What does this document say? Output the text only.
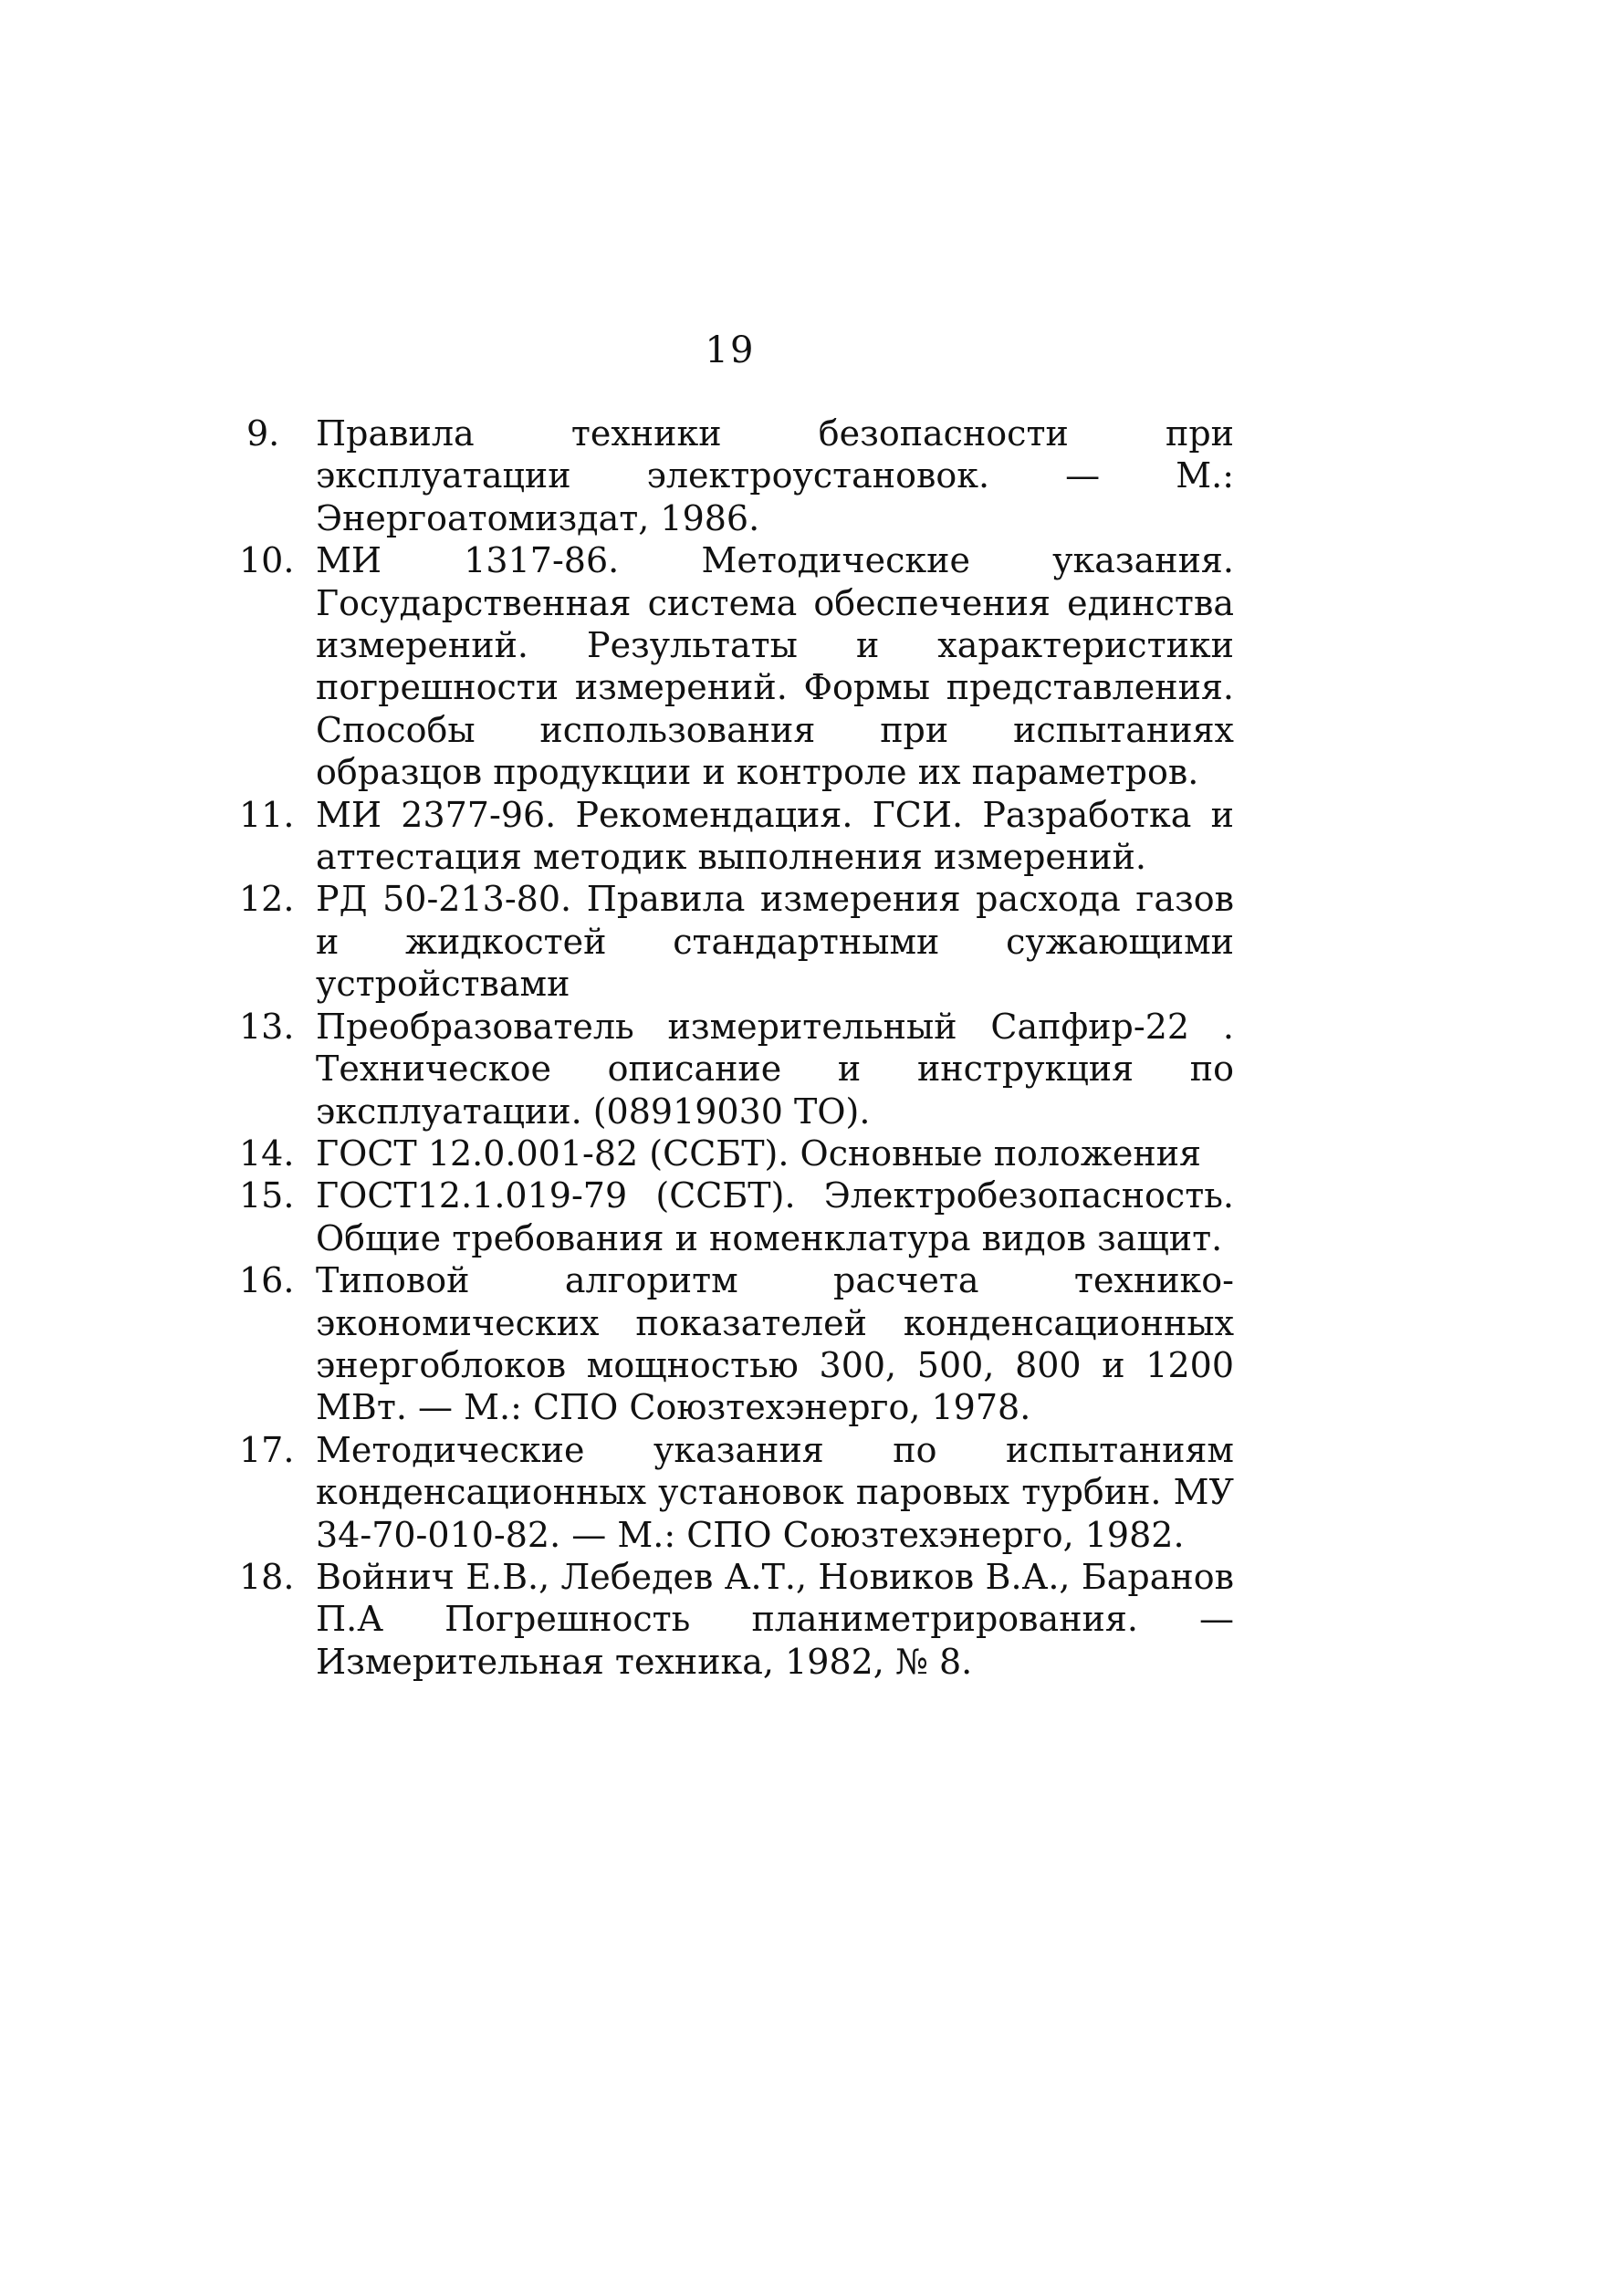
19
9.	Правила техники безопасности при эксплуатации электроустановок. — М.: Энергоатомиздат, 1986.
10. МИ 1317-86. Методические указания. Государственная система обеспечения единства измерений. Результаты и характеристики погрешности измерений. Формы представления. Способы использования при испытаниях образцов продукции и контроле их параметров.
11. МИ 2377-96. Рекомендация. ГСИ. Разработка и аттестация методик выполнения измерений.
12. РД 50-213-80. Правила измерения расхода газов и жидкостей стандартными сужающими устройствами
13. Преобразователь измерительный Сапфир-22 . Техническое описание и инструкция по эксплуатации. (08919030 ТО).
14. ГОСТ 12.0.001-82 (ССБТ). Основные положения
15. ГОСТ12.1.019-79 (ССБТ). Электробезопасность. Общие требования и номенклатура видов защит.
16. Типовой алгоритм расчета технико-экономических показателей конденсационных энергоблоков мощностью 300, 500, 800 и 1200 МВт. — М.: СПО Союзтехэнерго, 1978.
17. Методические указания по испытаниям конденсационных установок паровых турбин. МУ 34-70-010-82. — М.: СПО Союзтехэнерго, 1982.
18. Войнич Е.В., Лебедев А.Т., Новиков В.А., Баранов П.А Погрешность планиметрирования. — Измерительная техника, 1982, № 8.
